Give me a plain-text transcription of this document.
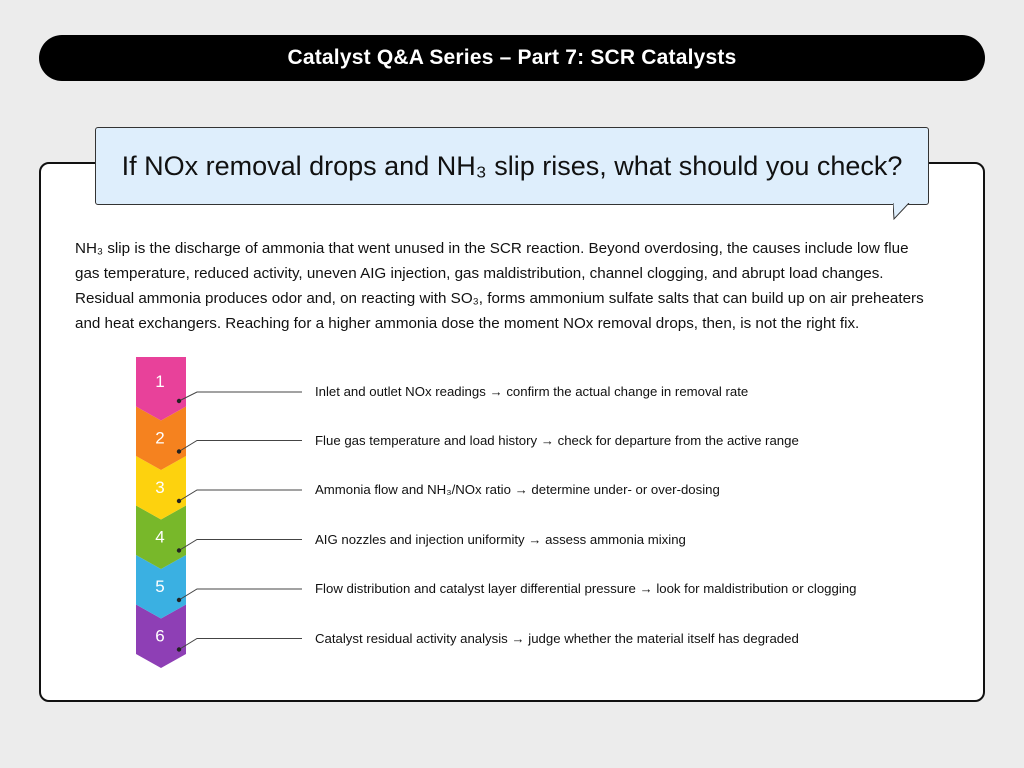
Catalyst Q&A Series – Part 7: SCR Catalysts
If NOx removal drops and NH₃ slip rises, what should you check?

NH₃ slip is the discharge of ammonia that went unused in the SCR reaction. Beyond overdosing, the causes include low flue

gas temperature, reduced activity, uneven AIG injection, gas maldistribution, channel clogging, and abrupt load changes.

Residual ammonia produces odor and, on reacting with SO₃, forms ammonium sulfate salts that can build up on air preheaters

and heat exchangers. Reaching for a higher ammonia dose the moment NOx removal drops, then, is not the right fix.

1
2
3
4
5
6
Inlet and outlet NOx readings → confirm the actual change in removal rate
Flue gas temperature and load history → check for departure from the active range
Ammonia flow and NH₃/NOx ratio → determine under- or over-dosing
AIG nozzles and injection uniformity → assess ammonia mixing
Flow distribution and catalyst layer differential pressure → look for maldistribution or clogging
Catalyst residual activity analysis → judge whether the material itself has degraded
